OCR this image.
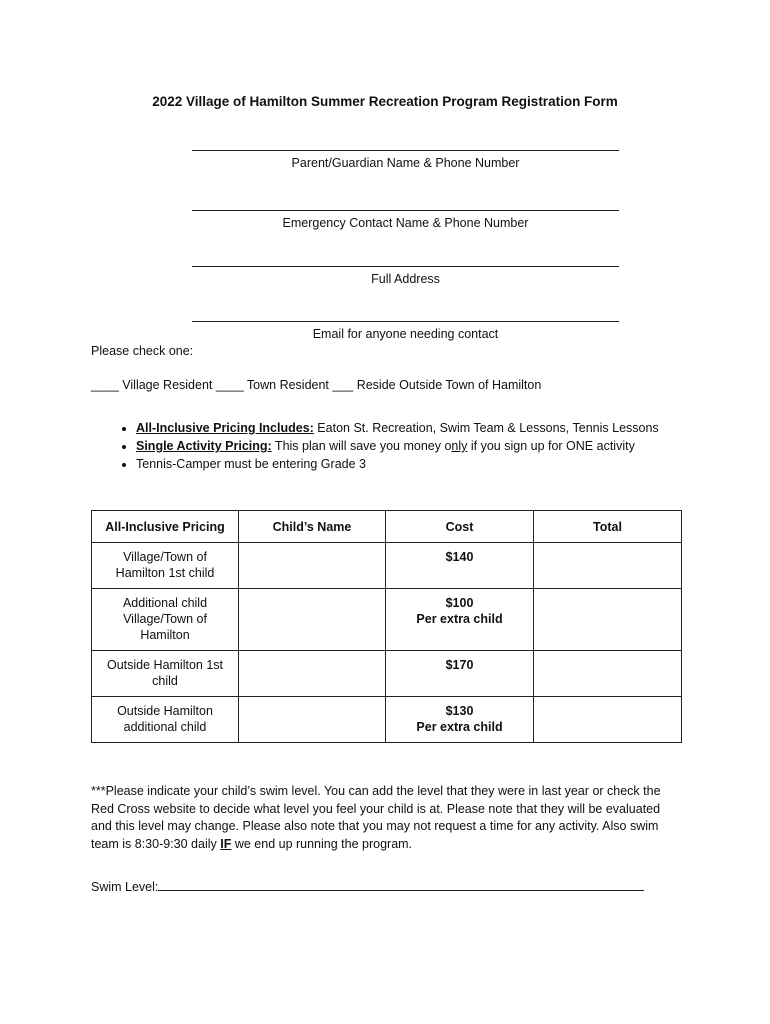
2022 Village of Hamilton Summer Recreation Program Registration Form
Parent/Guardian Name & Phone Number
Emergency Contact Name & Phone Number
Full Address
Email for anyone needing contact
Please check one:
____ Village Resident ____ Town Resident ___ Reside Outside Town of Hamilton
• All-Inclusive Pricing Includes: Eaton St. Recreation, Swim Team & Lessons, Tennis Lessons
• Single Activity Pricing: This plan will save you money only if you sign up for ONE activity
• Tennis-Camper must be entering Grade 3
All-Inclusive Pricing	Child’s Name	Cost	Total
Village/Town of Hamilton 1st child		$140	

Additional child Village/Town of Hamilton		$100
Per extra child	

Outside Hamilton 1st child		$170	

Outside Hamilton additional child		$130
Per extra child	

***Please indicate your child’s swim level. You can add the level that they were in last year or check the Red Cross website to decide what level you feel your child is at. Please note that they will be evaluated and this level may change. Please also note that you may not request a time for any activity. Also swim team is 8:30-9:30 daily IF we end up running the program.
Swim Level:
